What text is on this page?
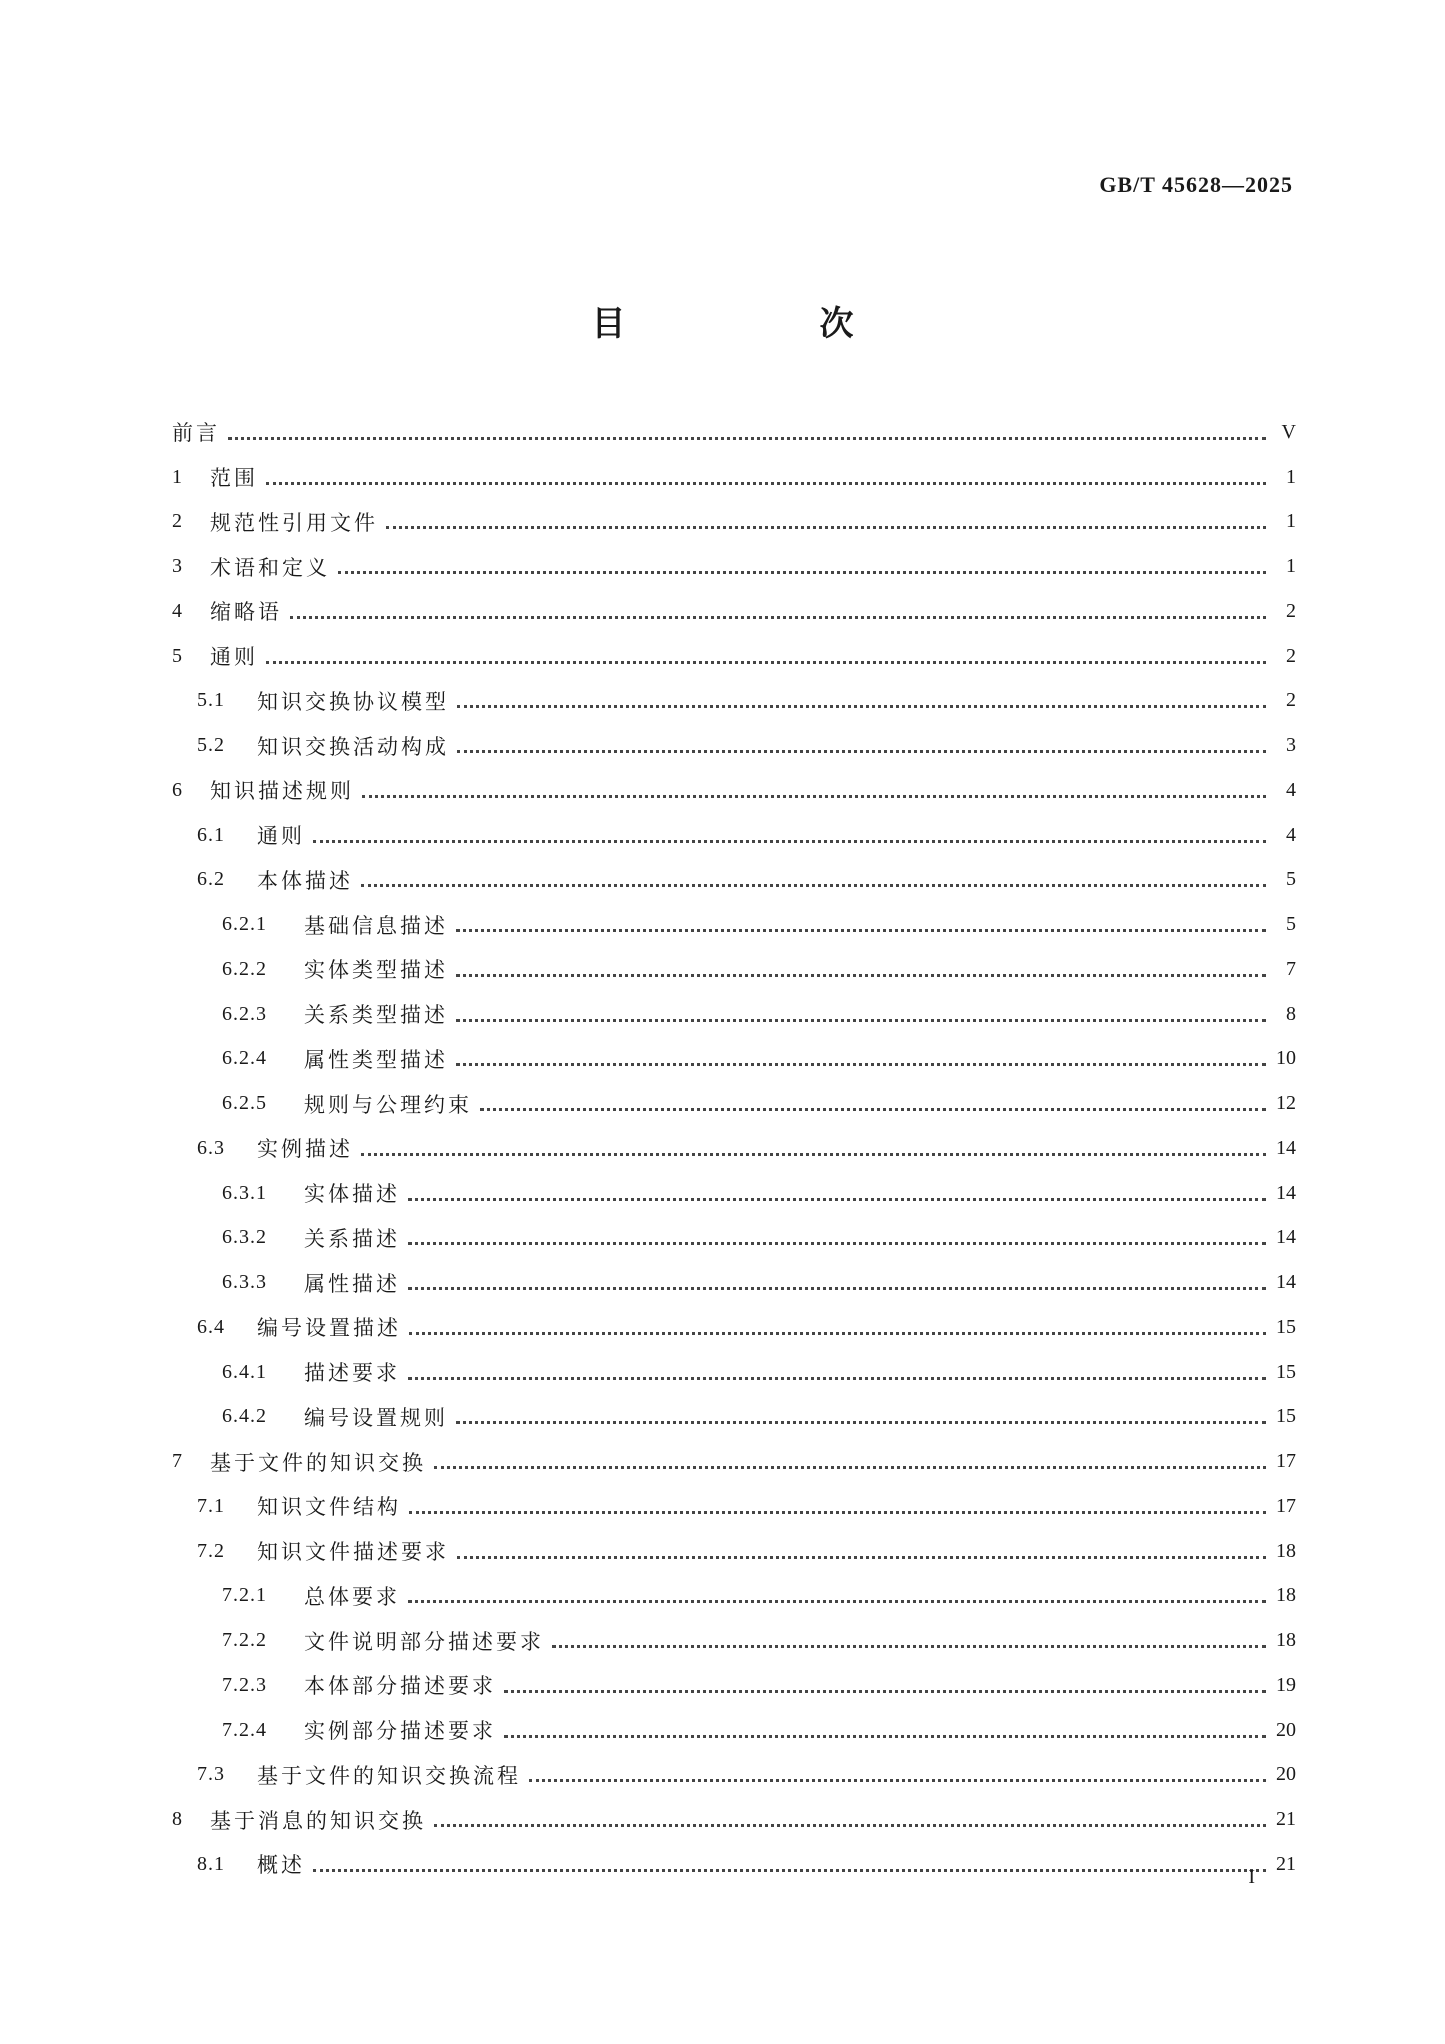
GB/T 45628—2025
目　次
前言	V
1	范围	1
2	规范性引用文件	1
3	术语和定义	1
4	缩略语	2
5	通则	2
5.1	知识交换协议模型	2
5.2	知识交换活动构成	3
6	知识描述规则	4
6.1	通则	4
6.2	本体描述	5
6.2.1	基础信息描述	5
6.2.2	实体类型描述	7
6.2.3	关系类型描述	8
6.2.4	属性类型描述	10
6.2.5	规则与公理约束	12
6.3	实例描述	14
6.3.1	实体描述	14
6.3.2	关系描述	14
6.3.3	属性描述	14
6.4	编号设置描述	15
6.4.1	描述要求	15
6.4.2	编号设置规则	15
7	基于文件的知识交换	17
7.1	知识文件结构	17
7.2	知识文件描述要求	18
7.2.1	总体要求	18
7.2.2	文件说明部分描述要求	18
7.2.3	本体部分描述要求	19
7.2.4	实例部分描述要求	20
7.3	基于文件的知识交换流程	20
8	基于消息的知识交换	21
8.1	概述	21
I
